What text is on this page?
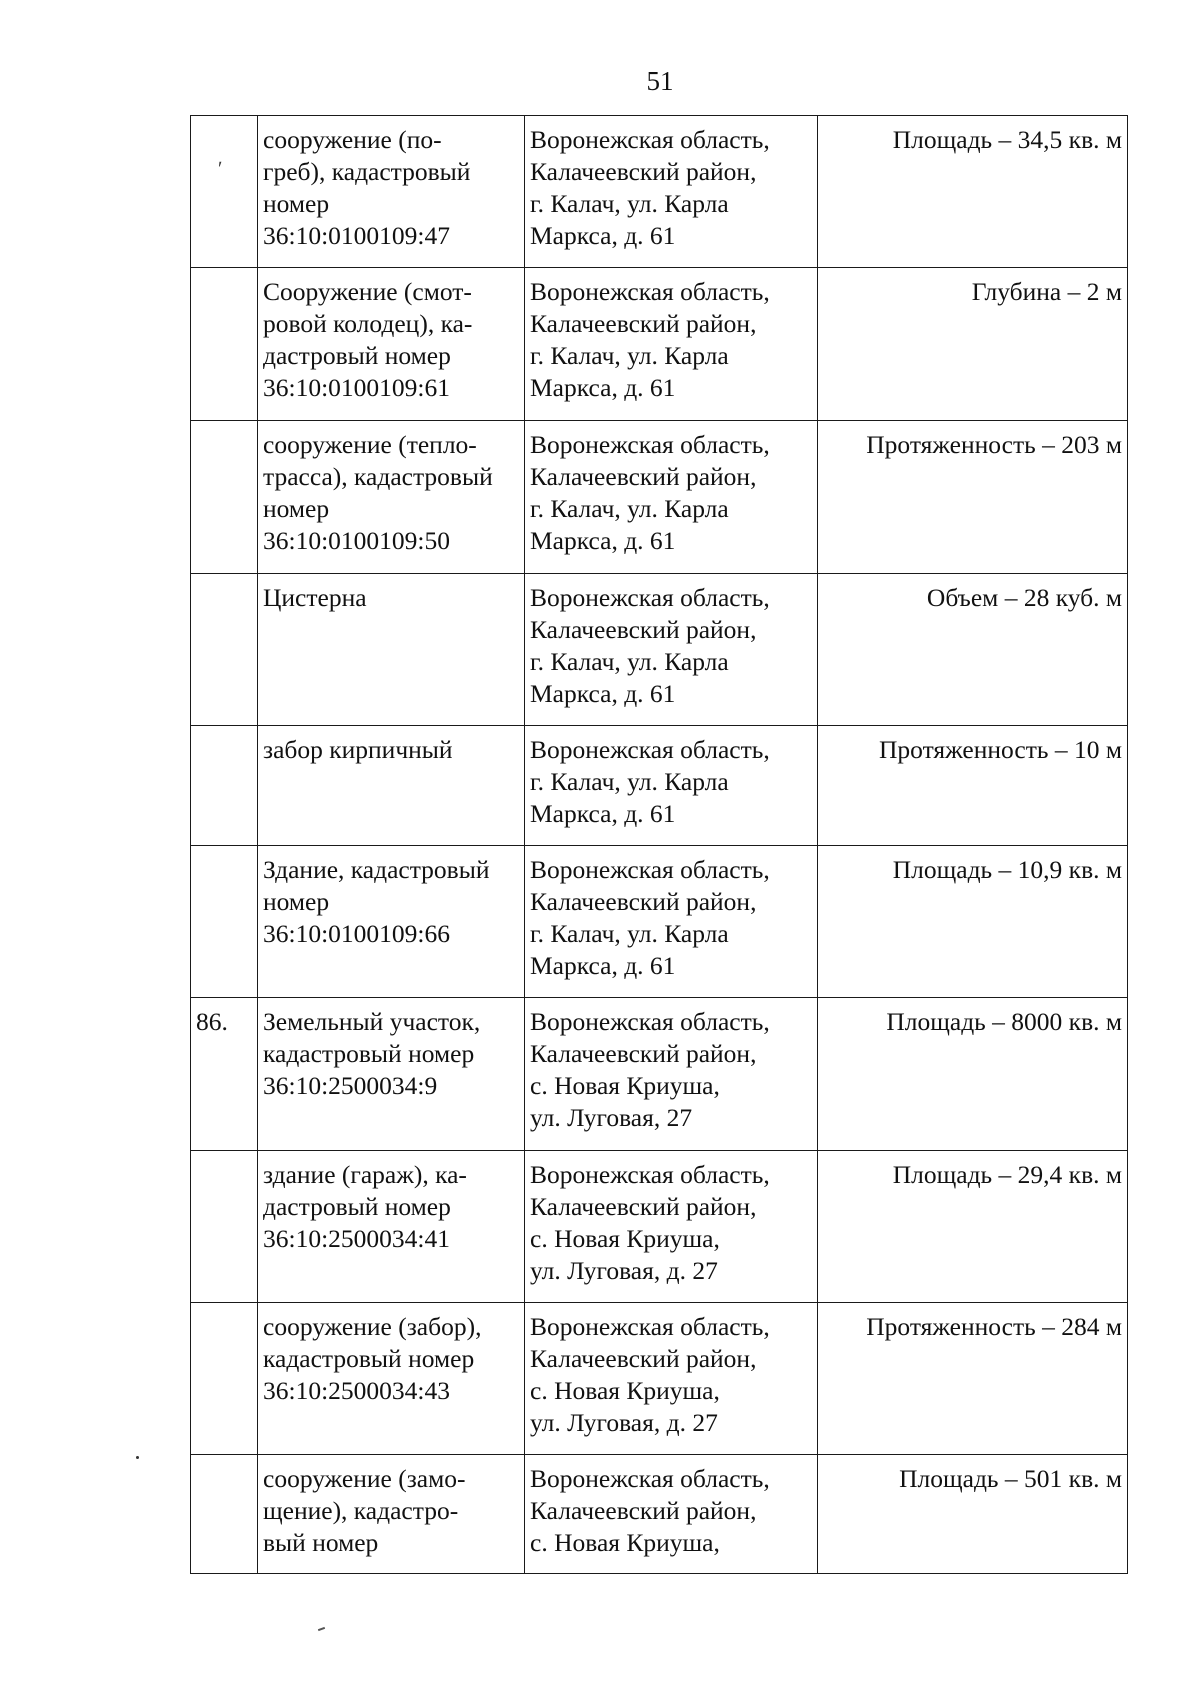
51
ʹ

	сооружение (по-
греб), кадастровый
номер
36:10:0100109:47	Воронежская область,
Калачеевский район,
г. Калач, ул. Карла
Маркса, д. 61	Площадь – 34,5 кв. м

	Сооружение (смот-
ровой колодец), ка-
дастровый номер
36:10:0100109:61	Воронежская область,
Калачеевский район,
г. Калач, ул. Карла
Маркса, д. 61	Глубина – 2 м

	сооружение (тепло-
трасса), кадастровый
номер
36:10:0100109:50	Воронежская область,
Калачеевский район,
г. Калач, ул. Карла
Маркса, д. 61	Протяженность – 203 м

	Цистерна	Воронежская область,
Калачеевский район,
г. Калач, ул. Карла
Маркса, д. 61	Объем – 28 куб. м

	забор кирпичный	Воронежская область,
г. Калач, ул. Карла
Маркса, д. 61	Протяженность – 10 м

	Здание, кадастровый
номер
36:10:0100109:66	Воронежская область,
Калачеевский район,
г. Калач, ул. Карла
Маркса, д. 61	Площадь – 10,9 кв. м
86.	Земельный участок,
кадастровый номер
36:10:2500034:9	Воронежская область,
Калачеевский район,
с. Новая Криуша,
ул. Луговая, 27	Площадь – 8000 кв. м

	здание (гараж), ка-
дастровый номер
36:10:2500034:41	Воронежская область,
Калачеевский район,
с. Новая Криуша,
ул. Луговая, д. 27	Площадь – 29,4 кв. м

	сооружение (забор),
кадастровый номер
36:10:2500034:43	Воронежская область,
Калачеевский район,
с. Новая Криуша,
ул. Луговая, д. 27	Протяженность – 284 м

	сооружение (замо-
щение), кадастро-
вый номер	Воронежская область,
Калачеевский район,
с. Новая Криуша,	Площадь – 501 кв. м
